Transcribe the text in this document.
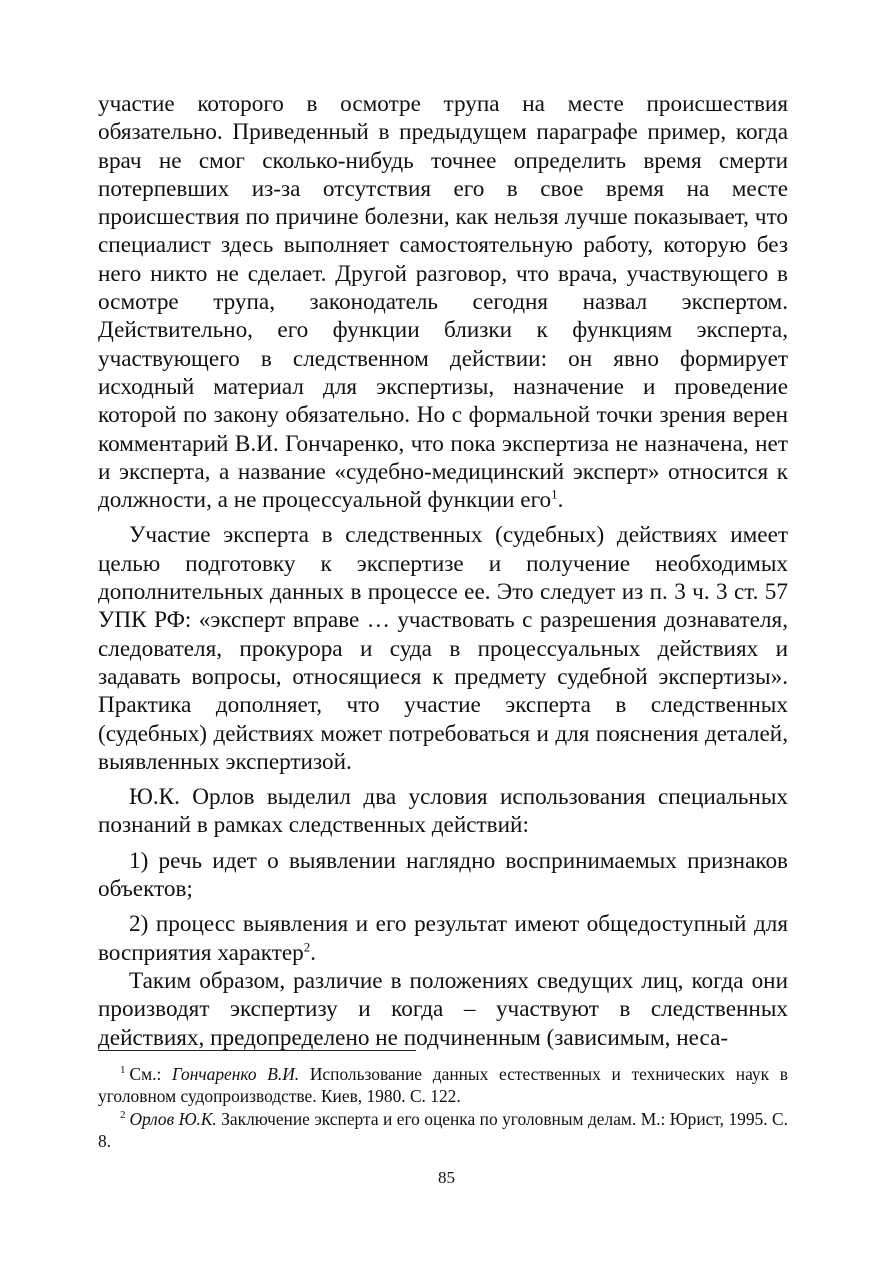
участие которого в осмотре трупа на месте происшествия обязательно. Приведенный в предыдущем параграфе пример, когда врач не смог сколько-нибудь точнее определить время смерти потерпевших из-за отсутствия его в свое время на месте происшествия по причине болезни, как нельзя лучше показывает, что специалист здесь выполняет самостоятельную работу, которую без него никто не сделает. Другой разговор, что врача, участвующего в осмотре трупа, законодатель сегодня назвал экспертом. Действительно, его функции близки к функциям эксперта, участвующего в следственном действии: он явно формирует исходный материал для экспертизы, назначение и проведение которой по закону обязательно. Но с формальной точки зрения верен комментарий В.И. Гончаренко, что пока экспертиза не назначена, нет и эксперта, а название «судебно-медицинский эксперт» относится к должности, а не процессуальной функции его$^1$.

Участие эксперта в следственных (судебных) действиях имеет целью подготовку к экспертизе и получение необходимых дополнительных данных в процессе ее. Это следует из п. 3 ч. 3 ст. 57 УПК РФ: «эксперт вправе … участвовать с разрешения дознавателя, следователя, прокурора и суда в процессуальных действиях и задавать вопросы, относящиеся к предмету судебной экспертизы». Практика дополняет, что участие эксперта в следственных (судебных) действиях может потребоваться и для пояснения деталей, выявленных экспертизой.

Ю.К. Орлов выделил два условия использования специальных познаний в рамках следственных действий:

1) речь идет о выявлении наглядно воспринимаемых признаков объектов;

2) процесс выявления и его результат имеют общедоступный для восприятия характер$^2$.

Таким образом, различие в положениях сведущих лиц, когда они производят экспертизу и когда – участвуют в следственных действиях, предопределено не подчиненным (зависимым, неса-

$^1$ См.: Гончаренко В.И. Использование данных естественных и технических наук в уголовном судопроизводстве. Киев, 1980. С. 122.

$^2$ Орлов Ю.К. Заключение эксперта и его оценка по уголовным делам. М.: Юрист, 1995. С. 8.

85
